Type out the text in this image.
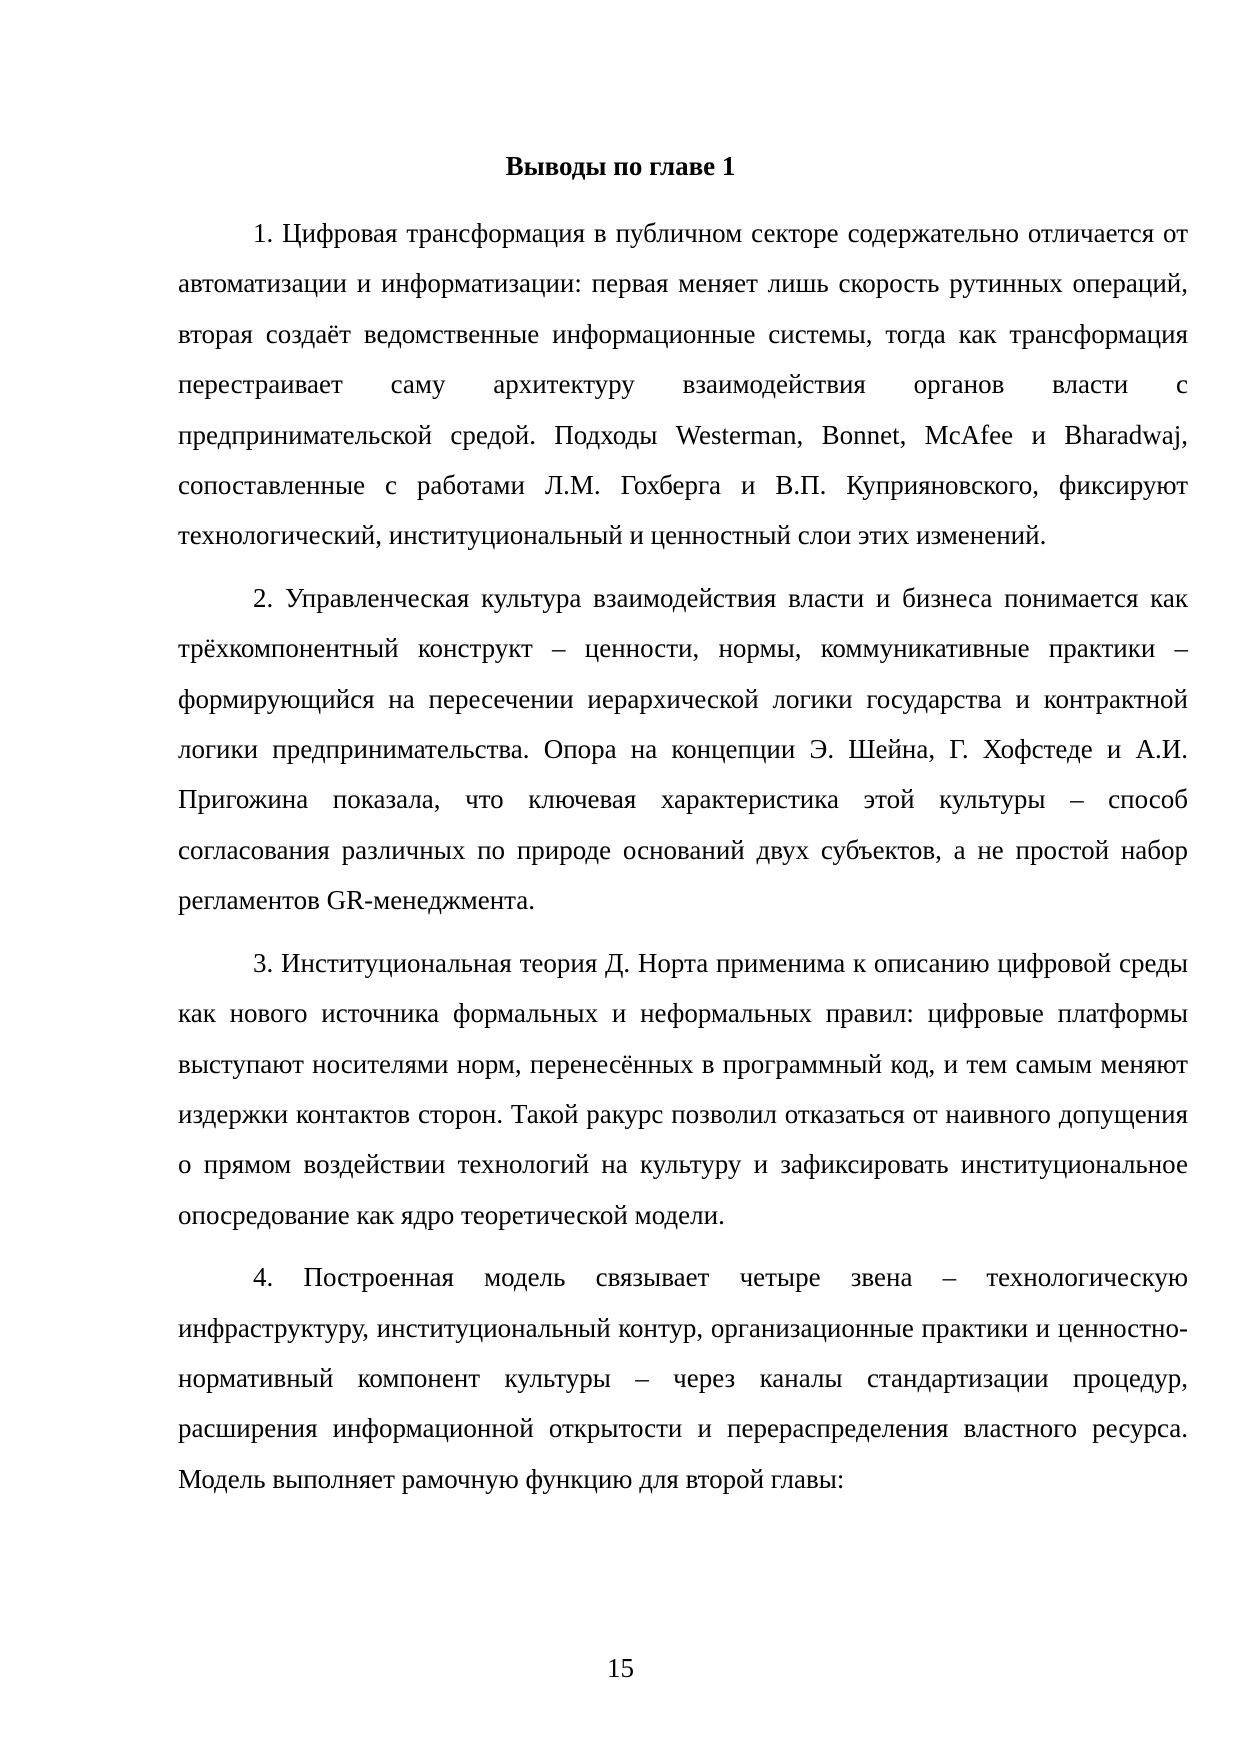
Выводы по главе 1

1. Цифровая трансформация в публичном секторе содержательно отличается от автоматизации и информатизации: первая меняет лишь скорость рутинных операций, вторая создаёт ведомственные информационные системы, тогда как трансформация перестраивает саму архитектуру взаимодействия органов власти с предпринимательской средой. Подходы Westerman, Bonnet, McAfee и Bharadwaj, сопоставленные с работами Л.М. Гохберга и В.П. Куприяновского, фиксируют технологический, институциональный и ценностный слои этих изменений.

2. Управленческая культура взаимодействия власти и бизнеса понимается как трёхкомпонентный конструкт – ценности, нормы, коммуникативные практики – формирующийся на пересечении иерархической логики государства и контрактной логики предпринимательства. Опора на концепции Э. Шейна, Г. Хофстеде и А.И. Пригожина показала, что ключевая характеристика этой культуры – способ согласования различных по природе оснований двух субъектов, а не простой набор регламентов GR-менеджмента.

3. Институциональная теория Д. Норта применима к описанию цифровой среды как нового источника формальных и неформальных правил: цифровые платформы выступают носителями норм, перенесённых в программный код, и тем самым меняют издержки контактов сторон. Такой ракурс позволил отказаться от наивного допущения о прямом воздействии технологий на культуру и зафиксировать институциональное опосредование как ядро теоретической модели.

4. Построенная модель связывает четыре звена – технологическую инфраструктуру, институциональный контур, организационные практики и ценностно-нормативный компонент культуры – через каналы стандартизации процедур, расширения информационной открытости и перераспределения властного ресурса. Модель выполняет рамочную функцию для второй главы:

15
